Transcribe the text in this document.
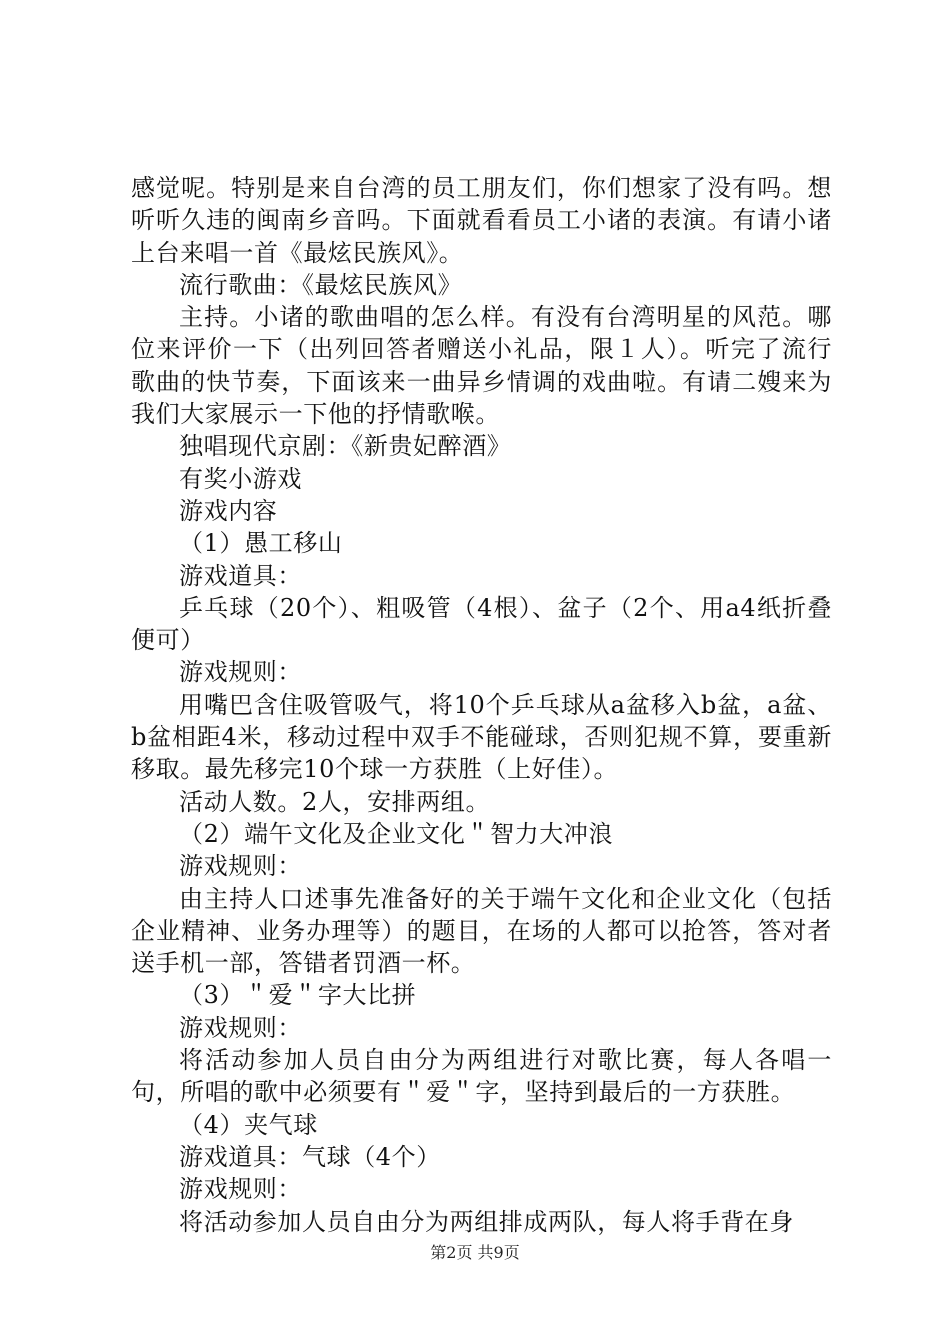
感觉呢。特别是来自台湾的员工朋友们，你们想家了没有吗。想听听久违的闽南乡音吗。下面就看看员工小诸的表演。有请小诸上台来唱一首《最炫民族风》。

流行歌曲：《最炫民族风》

主持。小诸的歌曲唱的怎么样。有没有台湾明星的风范。哪位来评价一下（出列回答者赠送小礼品，限１人）。听完了流行歌曲的快节奏，下面该来一曲异乡情调的戏曲啦。有请二嫂来为我们大家展示一下他的抒情歌喉。

独唱现代京剧：《新贵妃醉酒》

有奖小游戏

游戏内容

（1）愚工移山

游戏道具：

乒乓球（20个）、粗吸管（4根）、盆子（2个、用a4纸折叠便可）

游戏规则：

用嘴巴含住吸管吸气，将10个乒乓球从a盆移入b盆，a盆、b盆相距4米，移动过程中双手不能碰球，否则犯规不算，要重新移取。最先移完10个球一方获胜（上好佳）。

活动人数。2人，安排两组。

（2）端午文化及企业文化＂智力大冲浪

游戏规则：

由主持人口述事先准备好的关于端午文化和企业文化（包括企业精神、业务办理等）的题目，在场的人都可以抢答，答对者送手机一部，答错者罚酒一杯。

（3）＂爱＂字大比拼

游戏规则：

将活动参加人员自由分为两组进行对歌比赛，每人各唱一句，所唱的歌中必须要有＂爱＂字，坚持到最后的一方获胜。

（4）夹气球

游戏道具：气球（4个）

游戏规则：

将活动参加人员自由分为两组排成两队，每人将手背在身

第2页 共9页
